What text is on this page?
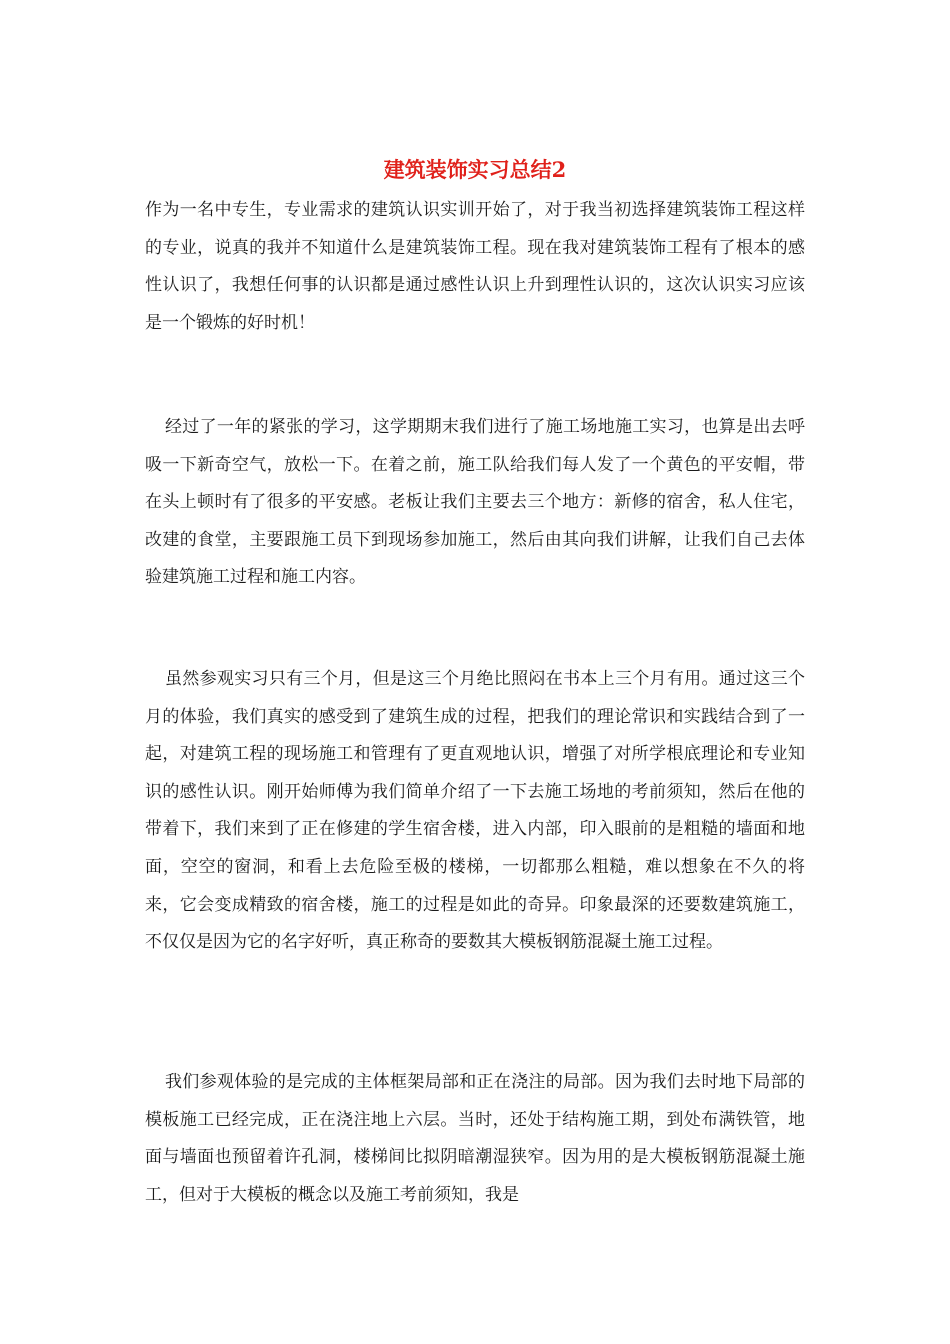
建筑装饰实习总结2

作为一名中专生，专业需求的建筑认识实训开始了，对于我当初选择建筑装饰工程这样的专业，说真的我并不知道什么是建筑装饰工程。现在我对建筑装饰工程有了根本的感性认识了，我想任何事的认识都是通过感性认识上升到理性认识的，这次认识实习应该是一个锻炼的好时机！

经过了一年的紧张的学习，这学期期末我们进行了施工场地施工实习，也算是出去呼吸一下新奇空气，放松一下。在着之前，施工队给我们每人发了一个黄色的平安帽，带在头上顿时有了很多的平安感。老板让我们主要去三个地方：新修的宿舍，私人住宅，改建的食堂，主要跟施工员下到现场参加施工，然后由其向我们讲解，让我们自己去体验建筑施工过程和施工内容。

虽然参观实习只有三个月，但是这三个月绝比照闷在书本上三个月有用。通过这三个月的体验，我们真实的感受到了建筑生成的过程，把我们的理论常识和实践结合到了一起，对建筑工程的现场施工和管理有了更直观地认识，增强了对所学根底理论和专业知识的感性认识。刚开始师傅为我们简单介绍了一下去施工场地的考前须知，然后在他的带着下，我们来到了正在修建的学生宿舍楼，进入内部，印入眼前的是粗糙的墙面和地面，空空的窗洞，和看上去危险至极的楼梯，一切都那么粗糙，难以想象在不久的将来，它会变成精致的宿舍楼，施工的过程是如此的奇异。印象最深的还要数建筑施工，不仅仅是因为它的名字好听，真正称奇的要数其大模板钢筋混凝土施工过程。

我们参观体验的是完成的主体框架局部和正在浇注的局部。因为我们去时地下局部的模板施工已经完成，正在浇注地上六层。当时，还处于结构施工期，到处布满铁管，地面与墙面也预留着许孔洞，楼梯间比拟阴暗潮湿狭窄。因为用的是大模板钢筋混凝土施工，但对于大模板的概念以及施工考前须知，我是
